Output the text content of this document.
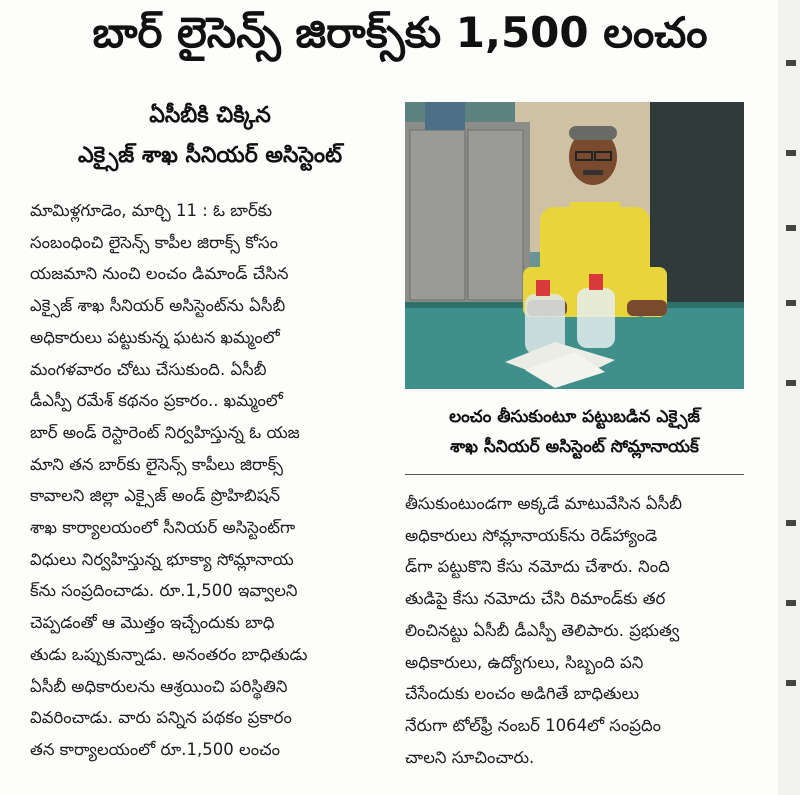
బార్ లైసెన్స్ జిరాక్స్‌కు 1,500 లంచం
ఏసీబీకి చిక్కిన
ఎక్సైజ్ శాఖ సీనియర్ అసిస్టెంట్
మామిళ్లగూడెం, మార్చి 11 : ఓ బార్‌కు
సంబంధించి లైసెన్స్ కాపీల జిరాక్స్ కోసం
యజమాని నుంచి లంచం డిమాండ్ చేసిన
ఎక్సైజ్ శాఖ సీనియర్ అసిస్టెంట్‌ను ఏసీబీ
అధికారులు పట్టుకున్న ఘటన ఖమ్మంలో
మంగళవారం చోటు చేసుకుంది. ఏసీబీ
డీఎస్పీ రమేశ్ కథనం ప్రకారం.. ఖమ్మంలో
బార్ అండ్ రెస్టారెంట్ నిర్వహిస్తున్న ఓ యజ
మాని తన బార్‌కు లైసెన్స్ కాపీలు జిరాక్స్
కావాలని జిల్లా ఎక్సైజ్ అండ్ ప్రొహిబిషన్
శాఖ కార్యాలయంలో సీనియర్ అసిస్టెంట్‌గా
విధులు నిర్వహిస్తున్న భూక్యా సోమ్లానాయ
క్‌ను సంప్రదించాడు. రూ.1,500 ఇవ్వాలని
చెప్పడంతో ఆ మొత్తం ఇచ్చేందుకు బాధి
తుడు ఒప్పుకున్నాడు. అనంతరం బాధితుడు
ఏసీబీ అధికారులను ఆశ్రయించి పరిస్థితిని
వివరించాడు. వారు పన్నిన పథకం ప్రకారం
తన కార్యాలయంలో రూ.1,500 లంచం
లంచం తీసుకుంటూ పట్టుబడిన ఎక్సైజ్
శాఖ సీనియర్ అసిస్టెంట్ సోమ్లానాయక్
తీసుకుంటుండగా అక్కడే మాటువేసిన ఏసీబీ
అధికారులు సోమ్లానాయక్‌ను రెడ్‌హ్యాండె
డ్‌గా పట్టుకొని కేసు నమోదు చేశారు. నింది
తుడిపై కేసు నమోదు చేసి రిమాండ్‌కు తర
లించినట్టు ఏసీబీ డీఎస్పీ తెలిపారు. ప్రభుత్వ
అధికారులు, ఉద్యోగులు, సిబ్బంది పని
చేసేందుకు లంచం అడిగితే బాధితులు
నేరుగా టోల్‌ఫ్రీ నంబర్ 1064లో సంప్రదిం
చాలని సూచించారు.
